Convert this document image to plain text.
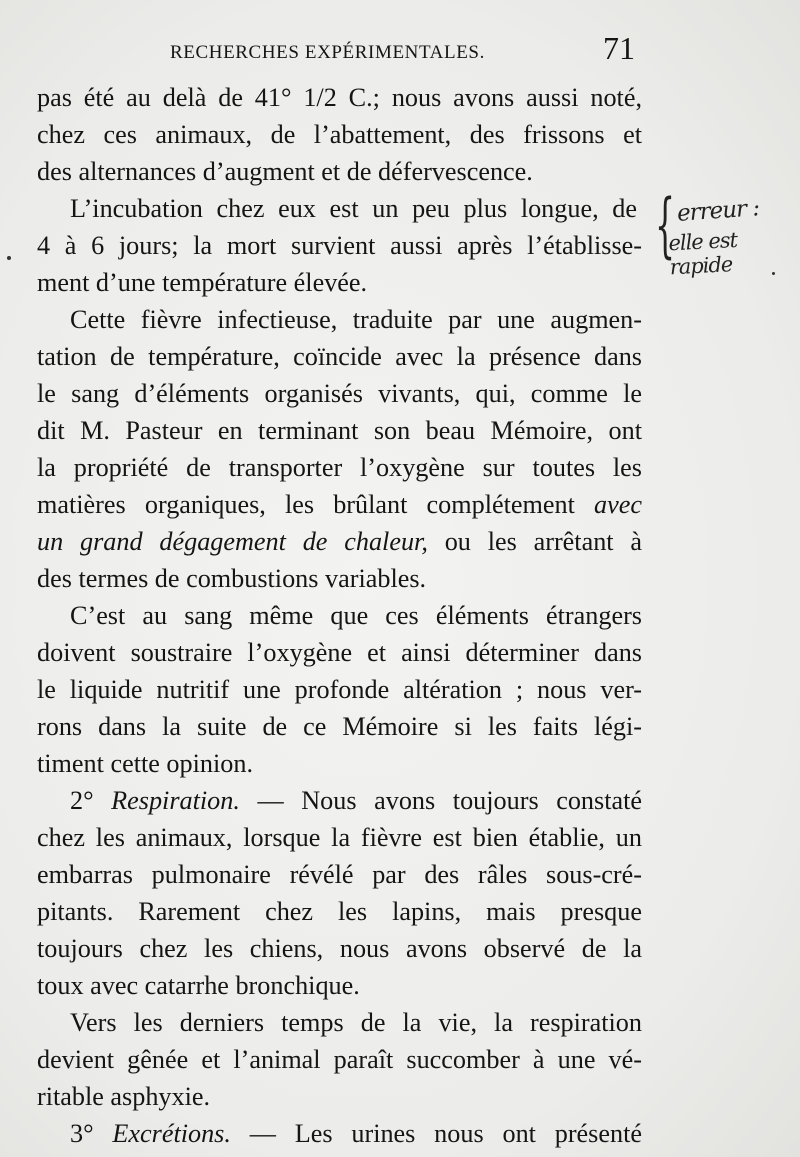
RECHERCHES EXPÉRIMENTALES.	71
pas été au delà de 41° 1/2 C.; nous avons aussi noté,
chez ces animaux, de l’abattement, des frissons et
des alternances d’augment et de défervescence.
L’incubation chez eux est un peu plus longue, de
4 à 6 jours; la mort survient aussi après l’établisse-
ment d’une température élevée.
Cette fièvre infectieuse, traduite par une augmen-
tation de température, coïncide avec la présence dans
le sang d’éléments organisés vivants, qui, comme le
dit M. Pasteur en terminant son beau Mémoire, ont
la propriété de transporter l’oxygène sur toutes les
matières organiques, les brûlant complétement avec
un grand dégagement de chaleur, ou les arrêtant à
des termes de combustions variables.
C’est au sang même que ces éléments étrangers
doivent soustraire l’oxygène et ainsi déterminer dans
le liquide nutritif une profonde altération ; nous ver-
rons dans la suite de ce Mémoire si les faits légi-
timent cette opinion.
2° Respiration. — Nous avons toujours constaté
chez les animaux, lorsque la fièvre est bien établie, un
embarras pulmonaire révélé par des râles sous-cré-
pitants. Rarement chez les lapins, mais presque
toujours chez les chiens, nous avons observé de la
toux avec catarrhe bronchique.
Vers les derniers temps de la vie, la respiration
devient gênée et l’animal paraît succomber à une vé-
ritable asphyxie.
3° Excrétions. — Les urines nous ont présenté
{ erreur :
elle est rapide
